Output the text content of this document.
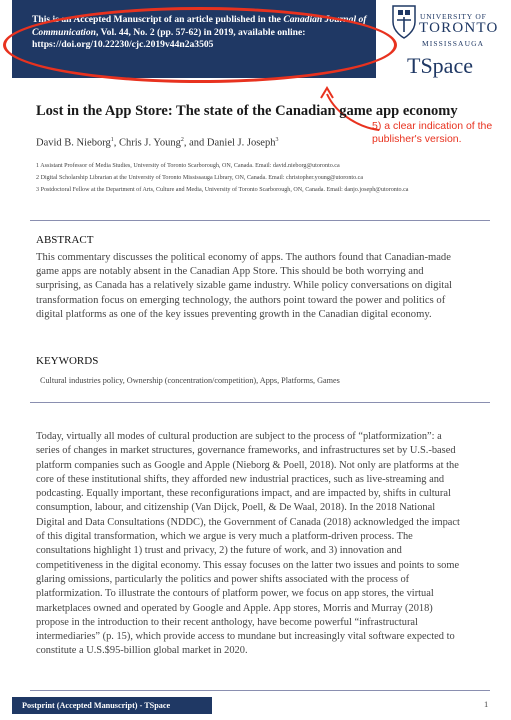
This is an Accepted Manuscript of an article published in the Canadian Journal of Communication, Vol. 44, No. 2 (pp. 57-62) in 2019, available online: https://doi.org/10.22230/cjc.2019v44n2a3505
UNIVERSITY OF
TORONTO
MISSISSAUGA
TSpace
5) a clear indication of the publisher's version.
Lost in the App Store: The state of the Canadian game app economy
David B. Nieborg$^1$, Chris J. Young$^2$, and Daniel J. Joseph$^3$
1 Assistant Professor of Media Studies, University of Toronto Scarborough, ON, Canada. Email: david.nieborg@utoronto.ca
2 Digital Scholarship Librarian at the University of Toronto Mississauga Library, ON, Canada. Email: christopher.young@utoronto.ca
3 Postdoctoral Fellow at the Department of Arts, Culture and Media, University of Toronto Scarborough, ON, Canada. Email: danjo.joseph@utoronto.ca
ABSTRACT
This commentary discusses the political economy of apps. The authors found that Canadian-made game apps are notably absent in the Canadian App Store. This should be both worrying and surprising, as Canada has a relatively sizable game industry. While policy conversations on digital transformation focus on emerging technology, the authors point toward the power and politics of digital platforms as one of the key issues preventing growth in the Canadian digital economy.
KEYWORDS
Cultural industries policy, Ownership (concentration/competition), Apps, Platforms, Games
Today, virtually all modes of cultural production are subject to the process of “platformization”: a series of changes in market structures, governance frameworks, and infrastructures set by U.S.-based platform companies such as Google and Apple (Nieborg & Poell, 2018). Not only are platforms at the core of these institutional shifts, they afforded new industrial practices, such as live-streaming and podcasting. Equally important, these reconfigurations impact, and are impacted by, shifts in cultural consumption, labour, and citizenship (Van Dijck, Poell, & De Waal, 2018). In the 2018 National Digital and Data Consultations (NDDC), the Government of Canada (2018) acknowledged the impact of this digital transformation, which we argue is very much a platform-driven process. The consultations highlight 1) trust and privacy, 2) the future of work, and 3) innovation and competitiveness in the digital economy. This essay focuses on the latter two issues and points to some glaring omissions, particularly the politics and power shifts associated with the process of platformization. To illustrate the contours of platform power, we focus on app stores, the virtual marketplaces owned and operated by Google and Apple. App stores, Morris and Murray (2018) propose in the introduction to their recent anthology, have become powerful “infrastructural intermediaries” (p. 15), which provide access to mundane but increasingly vital software expected to constitute a U.S.$95-billion global market in 2020.
Postprint (Accepted Manuscript) - TSpace	1
